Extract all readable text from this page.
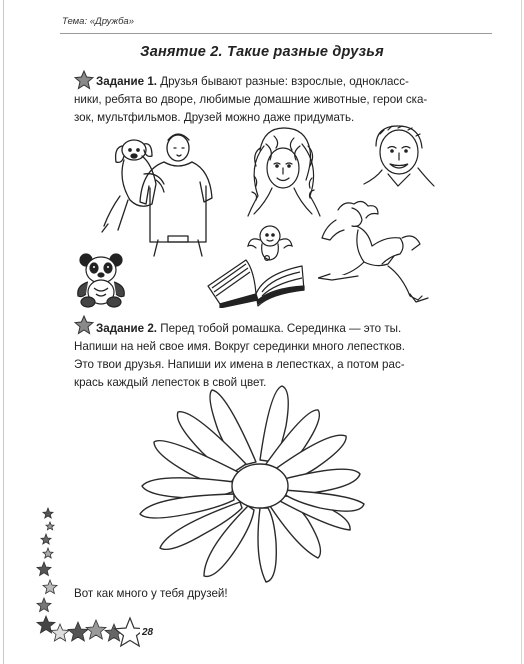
Тема: «Дружба»
Занятие 2. Такие разные друзья
Задание 1. Друзья бывают разные: взрослые, однокласс-
ники, ребята во дворе, любимые домашние животные, герои ска-
зок, мультфильмов. Друзей можно даже придумать.
Задание 2. Перед тобой ромашка. Серединка — это ты.
Напиши на ней свое имя. Вокруг серединки много лепестков.
Это твои друзья. Напиши их имена в лепестках, а потом рас-
крась каждый лепесток в свой цвет.
Вот как много у тебя друзей!
28
